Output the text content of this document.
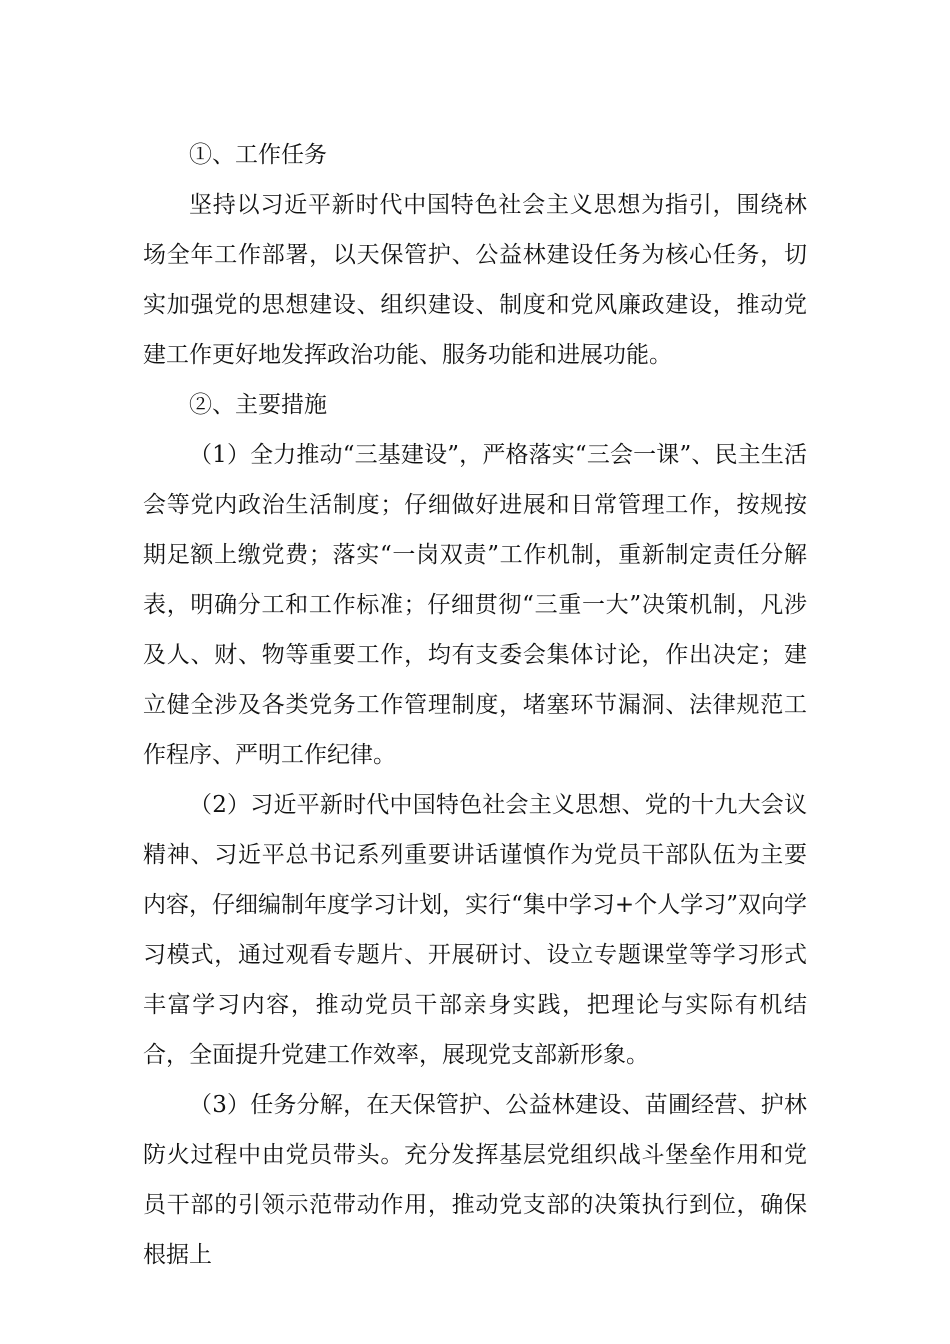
①、工作任务

坚持以习近平新时代中国特色社会主义思想为指引，围绕林场全年工作部署，以天保管护、公益林建设任务为核心任务，切实加强党的思想建设、组织建设、制度和党风廉政建设，推动党建工作更好地发挥政治功能、服务功能和进展功能。

②、主要措施

（1）全力推动“三基建设”，严格落实“三会一课”、民主生活会等党内政治生活制度；仔细做好进展和日常管理工作，按规按期足额上缴党费；落实“一岗双责”工作机制，重新制定责任分解表，明确分工和工作标准；仔细贯彻“三重一大”决策机制，凡涉及人、财、物等重要工作，均有支委会集体讨论，作出决定；建立健全涉及各类党务工作管理制度，堵塞环节漏洞、法律规范工作程序、严明工作纪律。

（2）习近平新时代中国特色社会主义思想、党的十九大会议精神、习近平总书记系列重要讲话谨慎作为党员干部队伍为主要内容，仔细编制年度学习计划，实行“集中学习+个人学习”双向学习模式，通过观看专题片、开展研讨、设立专题课堂等学习形式丰富学习内容，推动党员干部亲身实践，把理论与实际有机结合，全面提升党建工作效率，展现党支部新形象。

（3）任务分解，在天保管护、公益林建设、苗圃经营、护林防火过程中由党员带头。充分发挥基层党组织战斗堡垒作用和党员干部的引领示范带动作用，推动党支部的决策执行到位，确保根据上
